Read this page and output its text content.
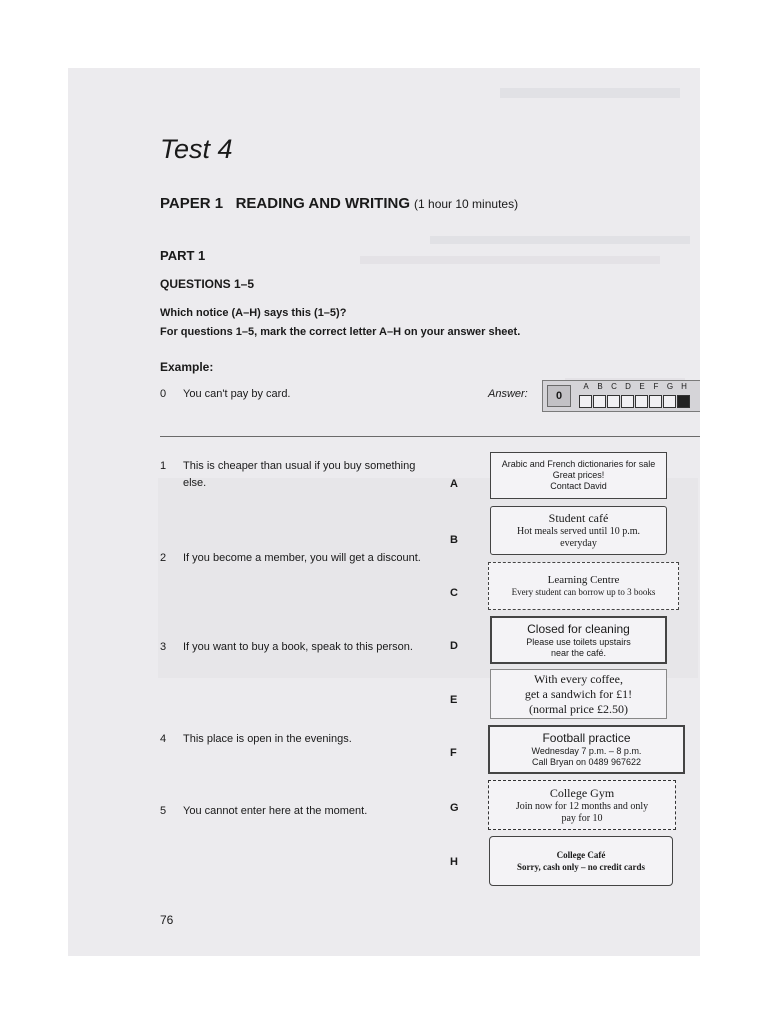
Test 4
PAPER 1   READING AND WRITING (1 hour 10 minutes)
PART 1
QUESTIONS 1–5
Which notice (A–H) says this (1–5)?
For questions 1–5, mark the correct letter A–H on your answer sheet.
Example:
0 You can't pay by card.	Answer:	0
A	B	C	D	E	F	G	H
1 This is cheaper than usual if you buy something else.
2 If you become a member, you will get a discount.
3 If you want to buy a book, speak to this person.
4 This place is open in the evenings.
5 You cannot enter here at the moment.
A
B
C
D
E
F
G
H
Arabic and French dictionaries for sale
Great prices!
Contact David
Student café
Hot meals served until 10 p.m.
everyday
Learning Centre
Every student can borrow up to 3 books
Closed for cleaning
Please use toilets upstairs
near the café.
With every coffee,
get a sandwich for £1!
(normal price £2.50)
Football practice
Wednesday 7 p.m. – 8 p.m.
Call Bryan on 0489 967622
College Gym
Join now for 12 months and only
pay for 10
College Café
Sorry, cash only – no credit cards
76
